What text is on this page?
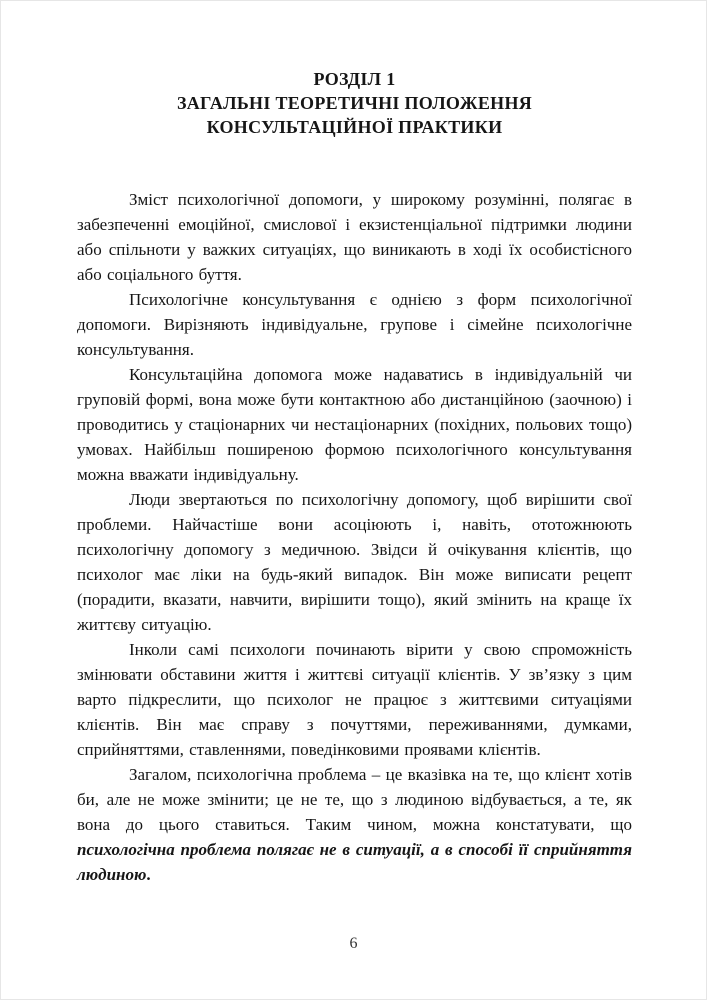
РОЗДІЛ 1
ЗАГАЛЬНІ ТЕОРЕТИЧНІ ПОЛОЖЕННЯ
КОНСУЛЬТАЦІЙНОЇ ПРАКТИКИ

Зміст психологічної допомоги, у широкому розумінні, полягає в забезпеченні емоційної, смислової і екзистенціальної підтримки людини або спільноти у важких ситуаціях, що виникають в ході їх особистісного або соціального буття.

Психологічне консультування є однією з форм психологічної допомоги. Вирізняють індивідуальне, групове і сімейне психологічне консультування.

Консультаційна допомога може надаватись в індивідуальній чи груповій формі, вона може бути контактною або дистанційною (заочною) і проводитись у стаціонарних чи нестаціонарних (похідних, польових тощо) умовах. Найбільш поширеною формою психологічного консультування можна вважати індивідуальну.

Люди звертаються по психологічну допомогу, щоб вирішити свої проблеми. Найчастіше вони асоціюють і, навіть, ототожнюють психологічну допомогу з медичною. Звідси й очікування клієнтів, що психолог має ліки на будь-який випадок. Він може виписати рецепт (порадити, вказати, навчити, вирішити тощо), який змінить на краще їх життєву ситуацію.

Інколи самі психологи починають вірити у свою спроможність змінювати обставини життя і життєві ситуації клієнтів. У зв’язку з цим варто підкреслити, що психолог не працює з життєвими ситуаціями клієнтів. Він має справу з почуттями, переживаннями, думками, сприйняттями, ставленнями, поведінковими проявами клієнтів.

Загалом, психологічна проблема – це вказівка на те, що клієнт хотів би, але не може змінити; це не те, що з людиною відбувається, а те, як вона до цього ставиться. Таким чином, можна констатувати, що психологічна проблема полягає не в ситуації, а в способі її сприйняття людиною.

6
